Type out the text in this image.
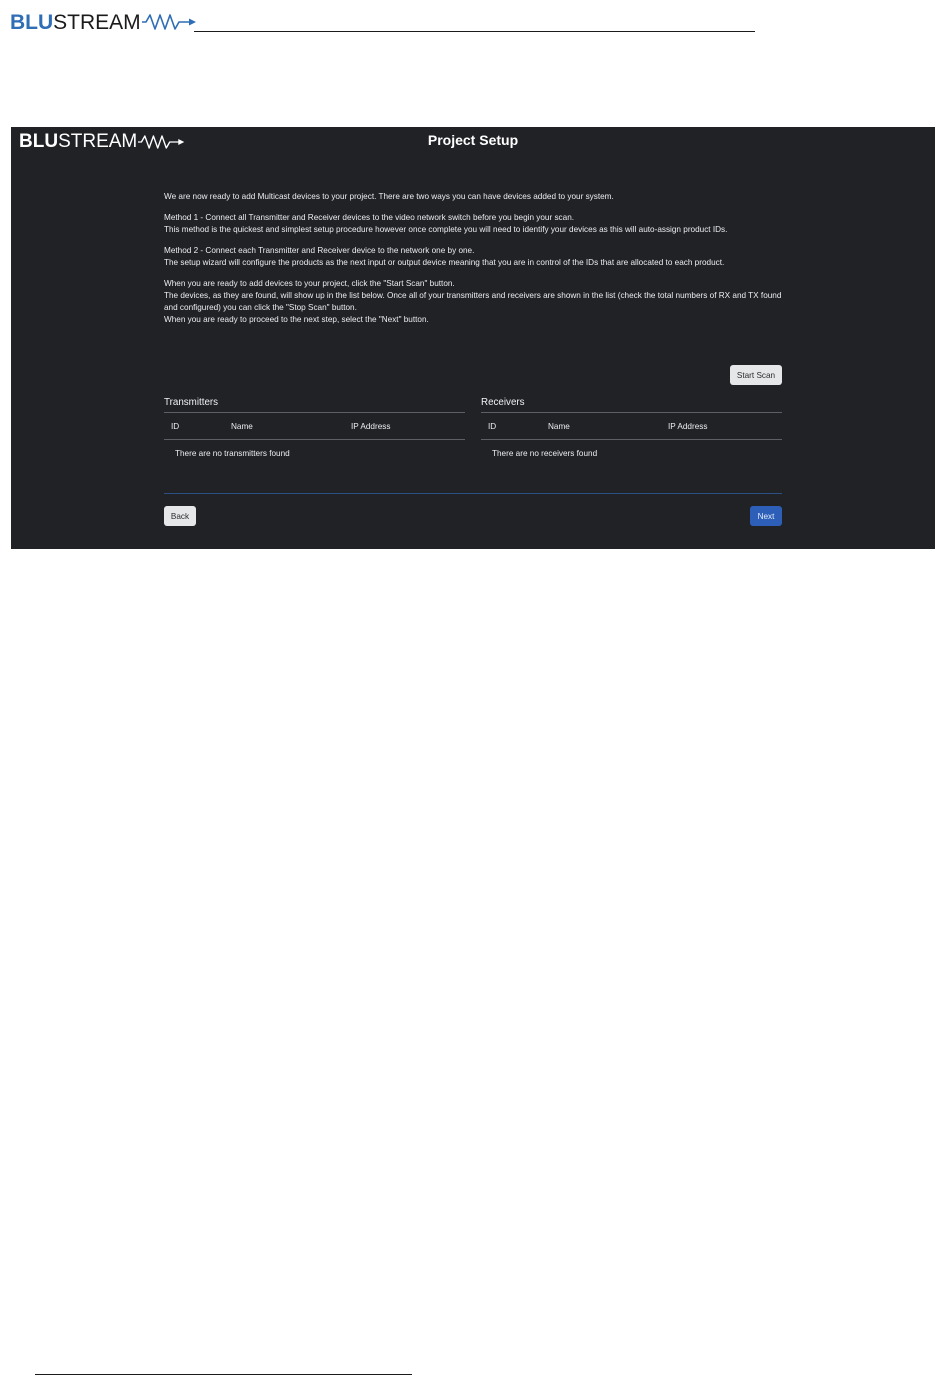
BLU STREAM
BLU STREAM	Project Setup

We are now ready to add Multicast devices to your project. There are two ways you can have devices added to your system.

Method 1 - Connect all Transmitter and Receiver devices to the video network switch before you begin your scan.
This method is the quickest and simplest setup procedure however once complete you will need to identify your devices as this will auto-assign product IDs.

Method 2 - Connect each Transmitter and Receiver device to the network one by one.
The setup wizard will configure the products as the next input or output device meaning that you are in control of the IDs that are allocated to each product.

When you are ready to add devices to your project, click the "Start Scan" button.
The devices, as they are found, will show up in the list below. Once all of your transmitters and receivers are shown in the list (check the total numbers of RX and TX found and configured) you can click the "Stop Scan" button.
When you are ready to proceed to the next step, select the "Next" button.

Start Scan
Transmitters
ID	Name	IP Address
There are no transmitters found
Receivers
ID	Name	IP Address
There are no receivers found
Back	Next
